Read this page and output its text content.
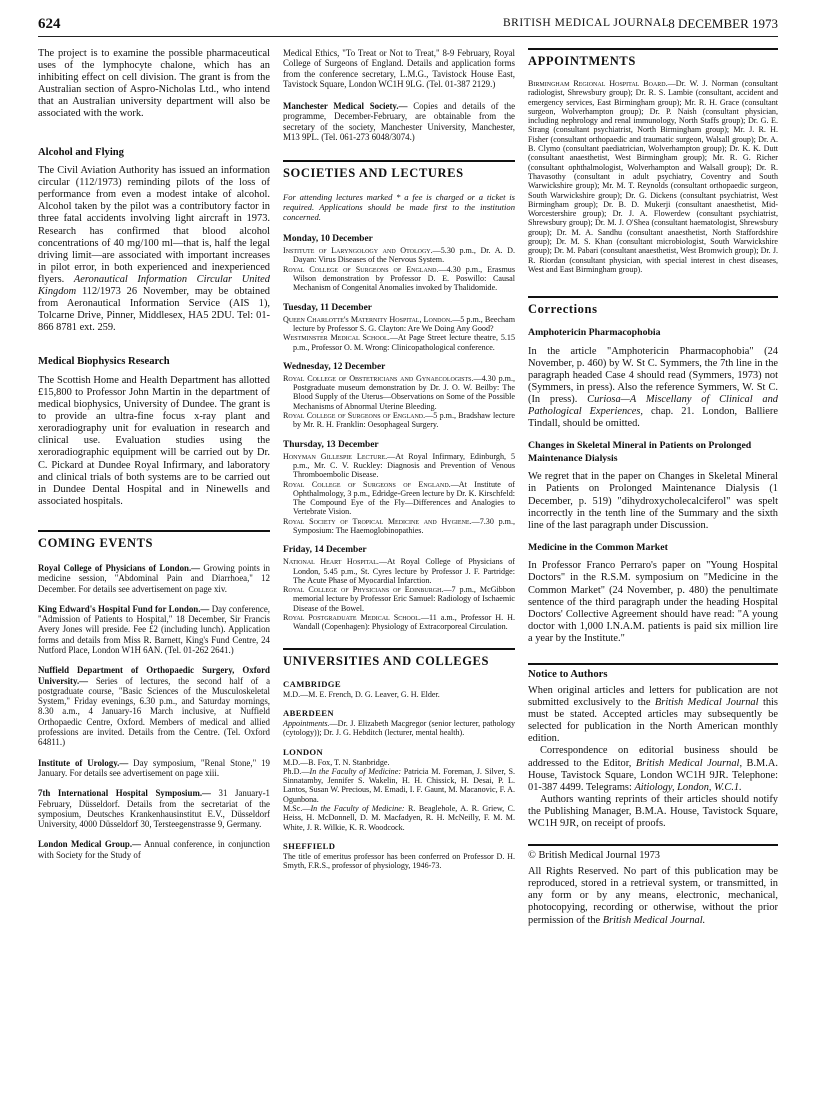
624	BRITISH MEDICAL JOURNAL
8 DECEMBER 1973

The project is to examine the possible pharmaceutical uses of the lymphocyte chalone, which has an inhibiting effect on cell division. The grant is from the Australian section of Aspro-Nicholas Ltd., who intend that an Australian university department will also be associated with the work.

Alcohol and Flying

The Civil Aviation Authority has issued an information circular (112/1973) reminding pilots of the loss of performance from even a modest intake of alcohol. Alcohol taken by the pilot was a contributory factor in three fatal accidents involving light aircraft in 1973. Research has confirmed that blood alcohol concentrations of 40 mg/100 ml—that is, half the legal driving limit—are associated with important increases in pilot error, in both experienced and inexperienced flyers. Aeronautical Information Circular United Kingdom 112/1973 26 November, may be obtained from Aeronautical Information Service (AIS 1), Tolcarne Drive, Pinner, Middlesex, HA5 2DU. Tel: 01-866 8781 ext. 259.

Medical Biophysics Research

The Scottish Home and Health Department has allotted £15,800 to Professor John Martin in the department of medical biophysics, University of Dundee. The grant is to provide an ultra-fine focus x-ray plant and xeroradiography unit for evaluation in research and clinical use. Evaluation studies using the xeroradiographic equipment will be carried out by Dr. C. Pickard at Dundee Royal Infirmary, and laboratory and clinical trials of both systems are to be carried out in Dundee Dental Hospital and in Ninewells and associated hospitals.

COMING EVENTS

Royal College of Physicians of London.— Growing points in medicine session, "Abdominal Pain and Diarrhoea," 12 December. For details see advertisement on page xiv.

King Edward's Hospital Fund for London.— Day conference, "Admission of Patients to Hospital," 18 December, Sir Francis Avery Jones will preside. Fee £2 (including lunch). Application forms and details from Miss R. Barnett, King's Fund Centre, 24 Nutford Place, London W1H 6AN. (Tel. 01-262 2641.)

Nuffield Department of Orthopaedic Surgery, Oxford University.— Series of lectures, the second half of a postgraduate course, "Basic Sciences of the Musculoskeletal System," Friday evenings, 6.30 p.m., and Saturday mornings, 8.30 a.m., 4 January-16 March inclusive, at Nuffield Orthopaedic Centre, Oxford. Members of medical and allied professions are invited. Details from the Centre. (Tel. Oxford 64811.)

Institute of Urology.— Day symposium, "Renal Stone," 19 January. For details see advertisement on page xiii.

7th International Hospital Symposium.— 31 January-1 February, Düsseldorf. Details from the secretariat of the symposium, Deutsches Krankenhausinstitut E.V., Düsseldorf University, 4000 Düsseldorf 30, Tersteegenstrasse 9, Germany.

London Medical Group.— Annual conference, in conjunction with Society for the Study of

Medical Ethics, "To Treat or Not to Treat," 8-9 February, Royal College of Surgeons of England. Details and application forms from the conference secretary, L.M.G., Tavistock House East, Tavistock Square, London WC1H 9LG. (Tel. 01-387 2129.)

Manchester Medical Society.— Copies and details of the programme, December-February, are obtainable from the secretary of the society, Manchester University, Manchester, M13 9PL. (Tel. 061-273 6048/3074.)

SOCIETIES AND LECTURES

For attending lectures marked * a fee is charged or a ticket is required. Applications should be made first to the institution concerned.

Monday, 10 December

Institute of Laryngology and Otology.—5.30 p.m., Dr. A. D. Dayan: Virus Diseases of the Nervous System.

Royal College of Surgeons of England.—4.30 p.m., Erasmus Wilson demonstration by Professor D. E. Poswillo: Causal Mechanism of Congenital Anomalies invoked by Thalidomide.

Tuesday, 11 December

Queen Charlotte's Maternity Hospital, London.—5 p.m., Beecham lecture by Professor S. G. Clayton: Are We Doing Any Good?

Westminster Medical School.—At Page Street lecture theatre, 5.15 p.m., Professor O. M. Wrong: Clinicopathological conference.

Wednesday, 12 December

Royal College of Obstetricians and Gynaecologists.—4.30 p.m., Postgraduate museum demonstration by Dr. J. O. W. Beilby: The Blood Supply of the Uterus—Observations on Some of the Possible Mechanisms of Abnormal Uterine Bleeding.

Royal College of Surgeons of England.—5 p.m., Bradshaw lecture by Mr. R. H. Franklin: Oesophageal Surgery.

Thursday, 13 December

Honyman Gillespie Lecture.—At Royal Infirmary, Edinburgh, 5 p.m., Mr. C. V. Ruckley: Diagnosis and Prevention of Venous Thromboembolic Disease.

Royal College of Surgeons of England.—At Institute of Ophthalmology, 3 p.m., Edridge-Green lecture by Dr. K. Kirschfeld: The Compound Eye of the Fly—Differences and Analogies to Vertebrate Vision.

Royal Society of Tropical Medicine and Hygiene.—7.30 p.m., Symposium: The Haemoglobinopathies.

Friday, 14 December

National Heart Hospital.—At Royal College of Physicians of London, 5.45 p.m., St. Cyres lecture by Professor J. F. Partridge: The Acute Phase of Myocardial Infarction.

Royal College of Physicians of Edinburgh.—7 p.m., McGibbon memorial lecture by Professor Eric Samuel: Radiology of Ischaemic Disease of the Bowel.

Royal Postgraduate Medical School.—11 a.m., Professor H. H. Wandall (Copenhagen): Physiology of Extracorporeal Circulation.

UNIVERSITIES AND COLLEGES

CAMBRIDGE

M.D.—M. E. French, D. G. Leaver, G. H. Elder.

ABERDEEN

Appointments.—Dr. J. Elizabeth Macgregor (senior lecturer, pathology (cytology)); Dr. J. G. Hebditch (lecturer, mental health).

LONDON

M.D.—B. Fox, T. N. Stanbridge.

Ph.D.—In the Faculty of Medicine: Patricia M. Foreman, J. Silver, S. Sinnatamby, Jennifer S. Wakelin, H. H. Chissick, H. Desai, P. L. Lantos, Susan W. Precious, M. Emadi, I. F. Gaunt, M. Macanovic, F. A. Ogunbona.

M.Sc.—In the Faculty of Medicine: R. Beaglehole, A. R. Griew, C. Heiss, H. McDonnell, D. M. Macfadyen, R. H. McNeilly, F. M. M. White, J. R. Wilkie, K. R. Woodcock.

SHEFFIELD

The title of emeritus professor has been conferred on Professor D. H. Smyth, F.R.S., professor of physiology, 1946-73.

APPOINTMENTS

Birmingham Regional Hospital Board.—Dr. W. J. Norman (consultant radiologist, Shrewsbury group); Dr. R. S. Lambie (consultant, accident and emergency services, East Birmingham group); Mr. R. H. Grace (consultant surgeon, Wolverhampton group); Dr. P. Naish (consultant physician, including nephrology and renal immunology, North Staffs group); Dr. G. E. Strang (consultant psychiatrist, North Birmingham group); Mr. J. R. H. Fisher (consultant orthopaedic and traumatic surgeon, Walsall group); Dr. A. B. Clymo (consultant paediatrician, Wolverhampton group); Dr. K. K. Dutt (consultant anaesthetist, West Birmingham group); Mr. R. G. Richer (consultant ophthalmologist, Wolverhampton and Walsall group); Dr. R. Thavasothy (consultant in adult psychiatry, Coventry and South Warwickshire group); Mr. M. T. Reynolds (consultant orthopaedic surgeon, South Warwickshire group); Dr. G. Dickens (consultant psychiatrist, West Birmingham group); Dr. B. D. Mukerji (consultant anaesthetist, Mid-Worcestershire group); Dr. J. A. Flowerdew (consultant psychiatrist, Shrewsbury group); Dr. M. J. O'Shea (consultant haematologist, Shrewsbury group); Dr. M. A. Sandhu (consultant anaesthetist, North Staffordshire group); Dr. M. S. Khan (consultant microbiologist, South Warwickshire group); Dr. M. Pabari (consultant anaesthetist, West Bromwich group); Dr. J. R. Riordan (consultant physician, with special interest in chest diseases, West and East Birmingham group).

Corrections

Amphotericin Pharmacophobia

In the article "Amphotericin Pharmacophobia" (24 November, p. 460) by W. St C. Symmers, the 7th line in the paragraph headed Case 4 should read (Symmers, 1973) not (Symmers, in press). Also the reference Symmers, W. St C. (In press). Curiosa—A Miscellany of Clinical and Pathological Experiences, chap. 21. London, Balliere Tindall, should be omitted.

Changes in Skeletal Mineral in Patients on Prolonged Maintenance Dialysis

We regret that in the paper on Changes in Skeletal Mineral in Patients on Prolonged Maintenance Dialysis (1 December, p. 519) "dihydroxycholecalciferol" was spelt incorrectly in the tenth line of the Summary and the sixth line of the last paragraph under Discussion.

Medicine in the Common Market

In Professor Franco Perraro's paper on "Young Hospital Doctors" in the R.S.M. symposium on "Medicine in the Common Market" (24 November, p. 480) the penultimate sentence of the third paragraph under the heading Hospital Doctors' Collective Agreement should have read: "A young doctor with 1,000 I.N.A.M. patients is paid six million lire a year by the Institute."

Notice to Authors

When original articles and letters for publication are not submitted exclusively to the British Medical Journal this must be stated. Accepted articles may subsequently be selected for publication in the North American monthly edition.

Correspondence on editorial business should be addressed to the Editor, British Medical Journal, B.M.A. House, Tavistock Square, London WC1H 9JR. Telephone: 01-387 4499. Telegrams: Aitiology, London, W.C.1.

Authors wanting reprints of their articles should notify the Publishing Manager, B.M.A. House, Tavistock Square, WC1H 9JR, on receipt of proofs.

© British Medical Journal 1973

All Rights Reserved. No part of this publication may be reproduced, stored in a retrieval system, or transmitted, in any form or by any means, electronic, mechanical, photocopying, recording or otherwise, without the prior permission of the British Medical Journal.
